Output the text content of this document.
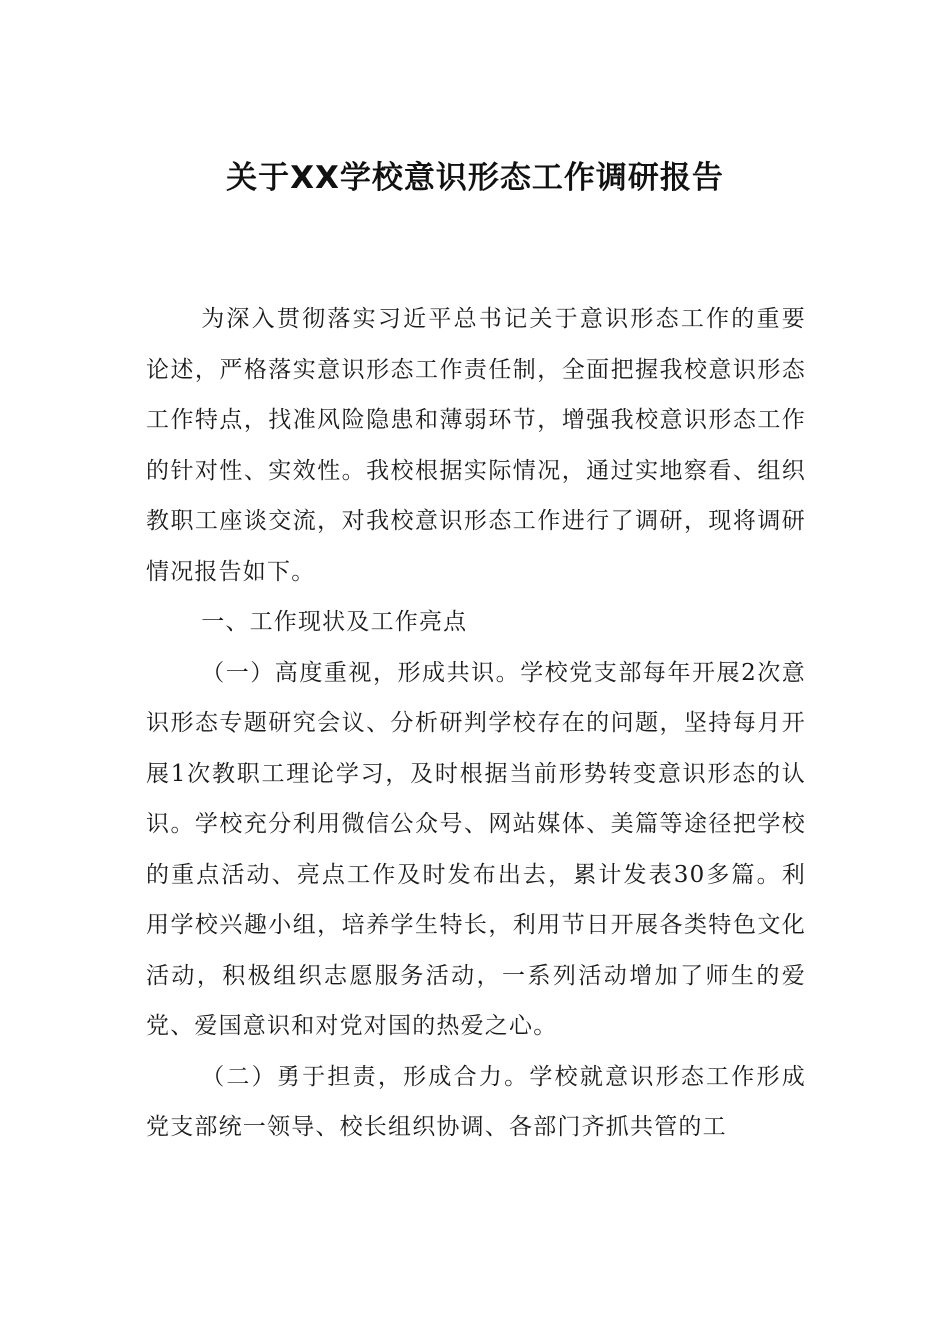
关于XX学校意识形态工作调研报告

为深入贯彻落实习近平总书记关于意识形态工作的重要论述，严格落实意识形态工作责任制，全面把握我校意识形态工作特点，找准风险隐患和薄弱环节，增强我校意识形态工作的针对性、实效性。我校根据实际情况，通过实地察看、组织教职工座谈交流，对我校意识形态工作进行了调研，现将调研情况报告如下。

一、工作现状及工作亮点

（一）高度重视，形成共识。学校党支部每年开展2次意识形态专题研究会议、分析研判学校存在的问题，坚持每月开展1次教职工理论学习，及时根据当前形势转变意识形态的认识。学校充分利用微信公众号、网站媒体、美篇等途径把学校的重点活动、亮点工作及时发布出去，累计发表30多篇。利用学校兴趣小组，培养学生特长，利用节日开展各类特色文化活动，积极组织志愿服务活动，一系列活动增加了师生的爱党、爱国意识和对党对国的热爱之心。

（二）勇于担责，形成合力。学校就意识形态工作形成党支部统一领导、校长组织协调、各部门齐抓共管的工
